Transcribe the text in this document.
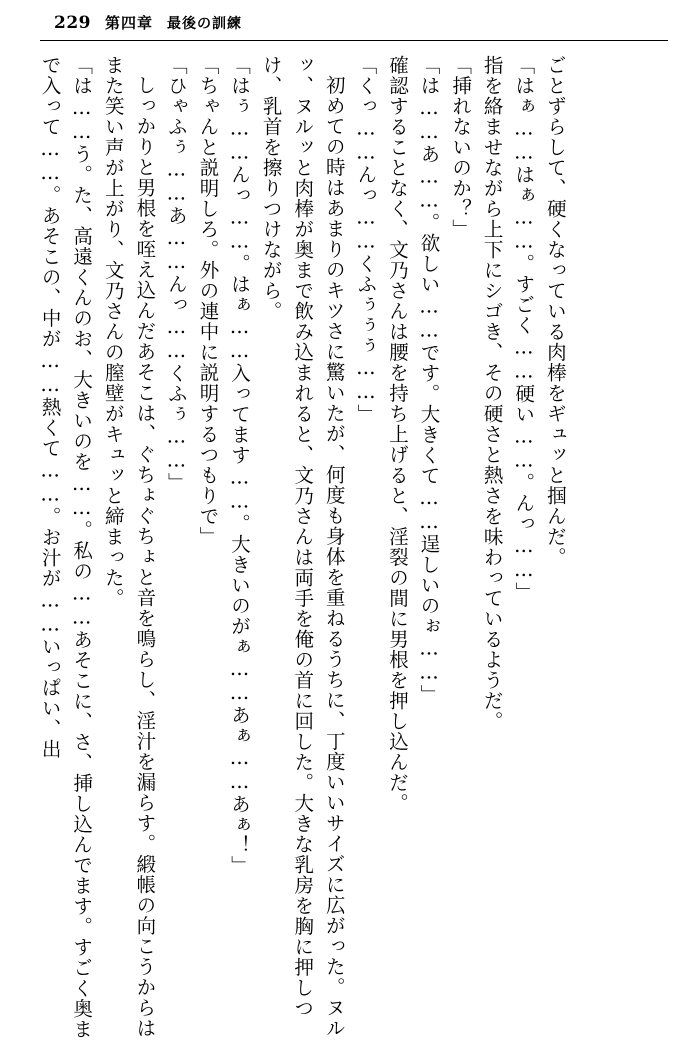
229 第四章 最後の訓練

ごとずらして、硬くなっている肉棒をギュッと掴んだ。

「はぁ……はぁ……。すごく……硬い……。んっ……」

指を絡ませながら上下にシゴき、その硬さと熱さを味わっているようだ。

「挿れないのか？」

「は……あ……。欲しい……です。大きくて……逞しいのぉ……」

確認することなく、文乃さんは腰を持ち上げると、淫裂の間に男根を押し込んだ。

「くっ……んっ……くふぅぅぅ……」

初めての時はあまりのキツさに驚いたが、何度も身体を重ねるうちに、丁度いいサイズに広がった。ヌルッ、ヌルッと肉棒が奥まで飲み込まれると、文乃さんは両手を俺の首に回した。大きな乳房を胸に押しつけ、乳首を擦りつけながら。

「はぅ……んっ……。はぁ……入ってます……。大きいのがぁ……あぁ……あぁ！」

「ちゃんと説明しろ。外の連中に説明するつもりで」

「ひゃふぅ……あ……んっ……くふぅ……」

しっかりと男根を咥え込んだあそこは、ぐちょぐちょと音を鳴らし、淫汁を漏らす。緞帳の向こうからはまた笑い声が上がり、文乃さんの膣壁がキュッと締まった。

「は……う。た、高遠くんのお、大きいのを……。私の……あそこに、さ、挿し込んでます。すごく奥まで入って……。あそこの、中が……熱くて……。お汁が……いっぱい、出
